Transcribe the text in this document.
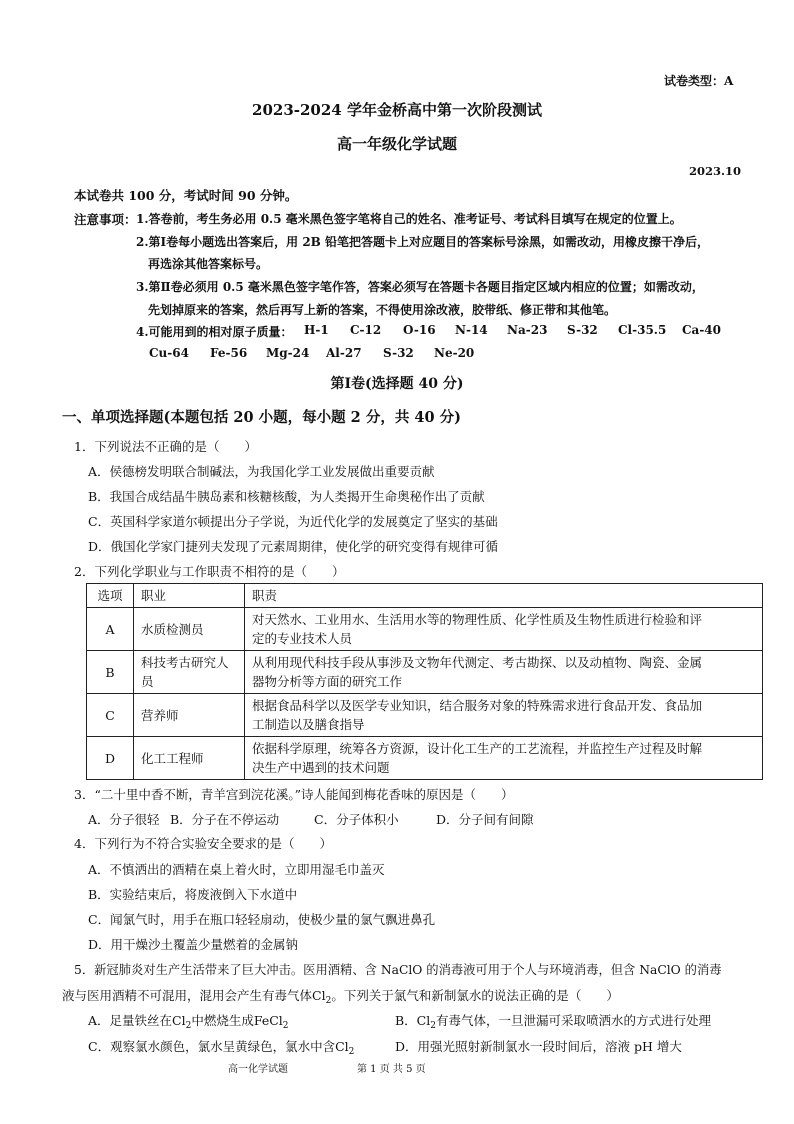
试卷类型：A
2023-2024 学年金桥高中第一次阶段测试
高一年级化学试题
2023.10
本试卷共 100 分，考试时间 90 分钟。
注意事项： 1.答卷前，考生务必用 0.5 毫米黑色签字笔将自己的姓名、准考证号、考试科目填写在规定的位置上。
2.第Ⅰ卷每小题选出答案后，用 2B 铅笔把答题卡上对应题目的答案标号涂黑，如需改动，用橡皮擦干净后，
再选涂其他答案标号。
3.第Ⅱ卷必须用 0.5 毫米黑色签字笔作答，答案必须写在答题卡各题目指定区域内相应的位置；如需改动，
先划掉原来的答案，然后再写上新的答案，不得使用涂改液，胶带纸、修正带和其他笔。
4.可能用到的相对原子质量： H-1 C-12 O-16 N-14 Na-23 S-32 Cl-35.5 Ca-40
Cu-64 Fe-56 Mg-24 Al-27 S-32 Ne-20
第Ⅰ卷(选择题 40 分)
一、单项选择题(本题包括 20 小题，每小题 2 分，共 40 分)
1．下列说法不正确的是（　　）
A．侯德榜发明联合制碱法，为我国化学工业发展做出重要贡献
B．我国合成结晶牛胰岛素和核糖核酸，为人类揭开生命奥秘作出了贡献
C．英国科学家道尔顿提出分子学说，为近代化学的发展奠定了坚实的基础
D．俄国化学家门捷列夫发现了元素周期律，使化学的研究变得有规律可循
2．下列化学职业与工作职责不相符的是（　　）
选项	职业	职责
A	水质检测员	对天然水、工业用水、生活用水等的物理性质、化学性质及生物性质进行检验和评
定的专业技术人员

B	科技考古研究人员	从利用现代科技手段从事涉及文物年代测定、考古勘探、以及动植物、陶瓷、金属
器物分析等方面的研究工作

C	营养师	根据食品科学以及医学专业知识，结合服务对象的特殊需求进行食品开发、食品加
工制造以及膳食指导

D	化工工程师	依据科学原理，统筹各方资源，设计化工生产的工艺流程，并监控生产过程及时解
决生产中遇到的技术问题
3．“二十里中香不断，青羊宫到浣花溪。”诗人能闻到梅花香味的原因是（　　）
A．分子很轻 B．分子在不停运动	C．分子体积小	D．分子间有间隙
4．下列行为不符合实验安全要求的是（　　）
A．不慎洒出的酒精在桌上着火时，立即用湿毛巾盖灭
B．实验结束后，将废液倒入下水道中
C．闻氯气时，用手在瓶口轻轻扇动，使极少量的氯气飘进鼻孔
D．用干燥沙土覆盖少量燃着的金属钠
5．新冠肺炎对生产生活带来了巨大冲击。医用酒精、含 NaClO 的消毒液可用于个人与环境消毒，但含 NaClO 的消毒
液与医用酒精不可混用，混用会产生有毒气体$Cl_2$。下列关于氯气和新制氯水的说法正确的是（　　）
A．足量铁丝在$Cl_2$中燃烧生成FeCl$_2$	B．$Cl_2$有毒气体，一旦泄漏可采取喷洒水的方式进行处理
C．观察氯水颜色，氯水呈黄绿色，氯水中含$Cl_2$	D．用强光照射新制氯水一段时间后，溶液 pH 增大
高一化学试题	第 1 页 共 5 页
